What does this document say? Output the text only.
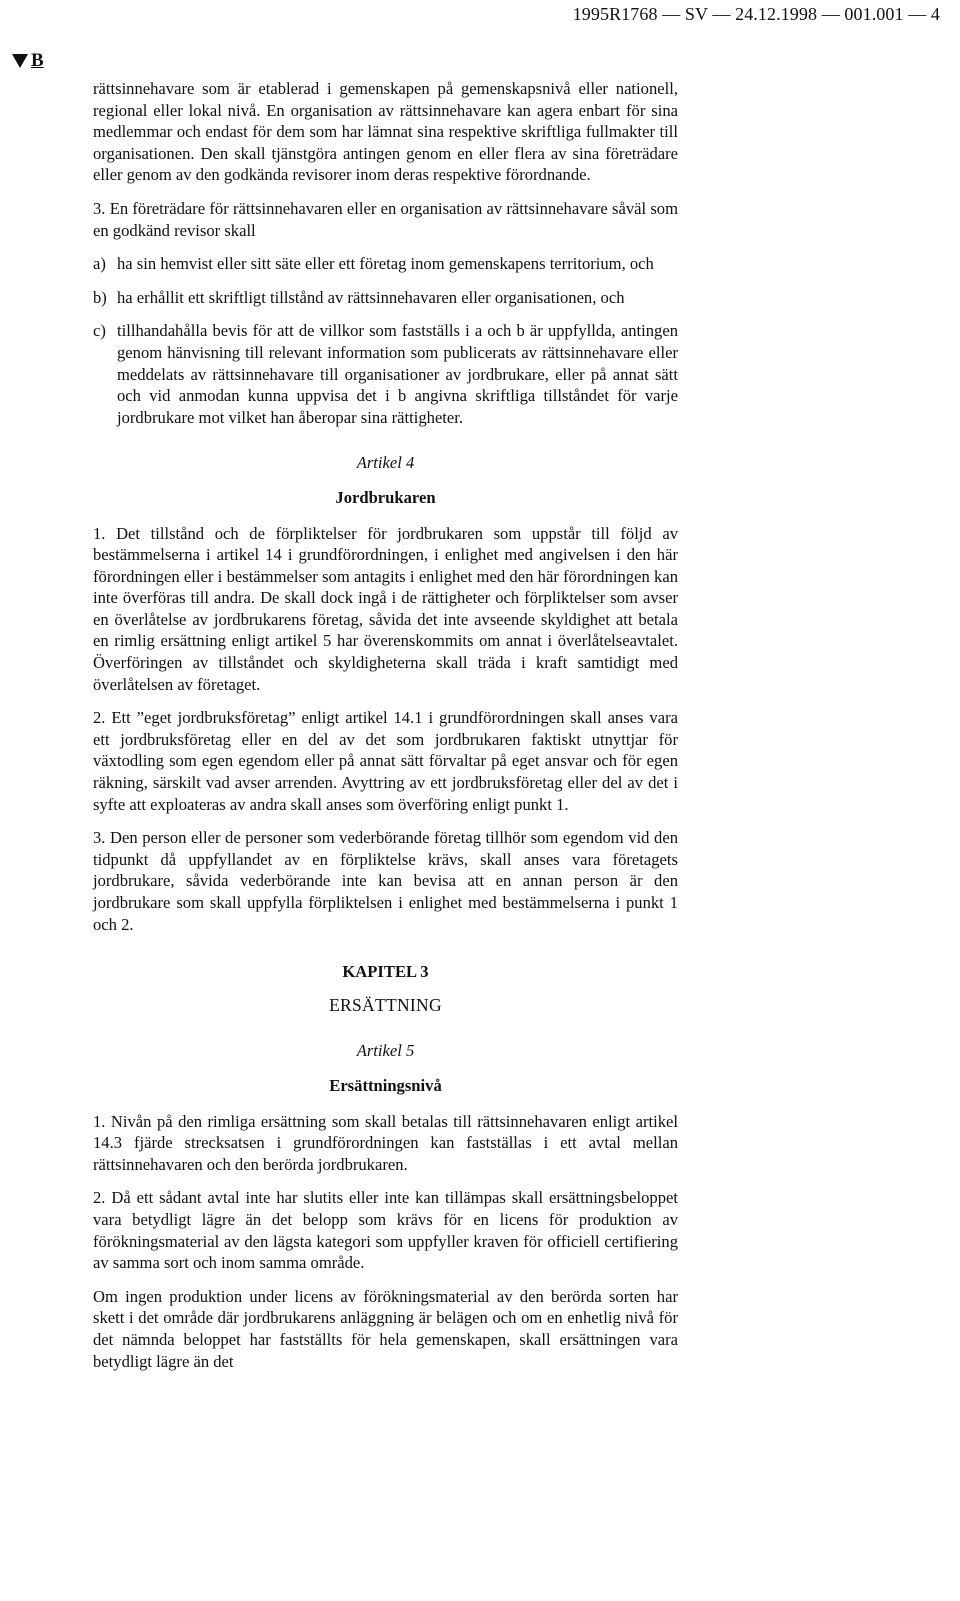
1995R1768 — SV — 24.12.1998 — 001.001 — 4
B

rättsinnehavare som är etablerad i gemenskapen på gemenskapsnivå eller nationell, regional eller lokal nivå. En organisation av rättsinnehavare kan agera enbart för sina medlemmar och endast för dem som har lämnat sina respektive skriftliga fullmakter till organisationen. Den skall tjänstgöra antingen genom en eller flera av sina företrädare eller genom av den godkända revisorer inom deras respektive förordnande.

3. En företrädare för rättsinnehavaren eller en organisation av rättsinnehavare såväl som en godkänd revisor skall

a) ha sin hemvist eller sitt säte eller ett företag inom gemenskapens territorium, och
b) ha erhållit ett skriftligt tillstånd av rättsinnehavaren eller organisationen, och
c) tillhandahålla bevis för att de villkor som fastställs i a och b är uppfyllda, antingen genom hänvisning till relevant information som publicerats av rättsinnehavare eller meddelats av rättsinnehavare till organisationer av jordbrukare, eller på annat sätt och vid anmodan kunna uppvisa det i b angivna skriftliga tillståndet för varje jordbrukare mot vilket han åberopar sina rättigheter.
Artikel 4
Jordbrukaren

1. Det tillstånd och de förpliktelser för jordbrukaren som uppstår till följd av bestämmelserna i artikel 14 i grundförordningen, i enlighet med angivelsen i den här förordningen eller i bestämmelser som antagits i enlighet med den här förordningen kan inte överföras till andra. De skall dock ingå i de rättigheter och förpliktelser som avser en överlåtelse av jordbrukarens företag, såvida det inte avseende skyldighet att betala en rimlig ersättning enligt artikel 5 har överenskommits om annat i överlåtelseavtalet. Överföringen av tillståndet och skyldigheterna skall träda i kraft samtidigt med överlåtelsen av företaget.

2. Ett ”eget jordbruksföretag” enligt artikel 14.1 i grundförordningen skall anses vara ett jordbruksföretag eller en del av det som jordbrukaren faktiskt utnyttjar för växtodling som egen egendom eller på annat sätt förvaltar på eget ansvar och för egen räkning, särskilt vad avser arrenden. Avyttring av ett jordbruksföretag eller del av det i syfte att exploateras av andra skall anses som överföring enligt punkt 1.

3. Den person eller de personer som vederbörande företag tillhör som egendom vid den tidpunkt då uppfyllandet av en förpliktelse krävs, skall anses vara företagets jordbrukare, såvida vederbörande inte kan bevisa att en annan person är den jordbrukare som skall uppfylla förpliktelsen i enlighet med bestämmelserna i punkt 1 och 2.

KAPITEL 3
ERSÄTTNING
Artikel 5
Ersättningsnivå

1. Nivån på den rimliga ersättning som skall betalas till rättsinnehavaren enligt artikel 14.3 fjärde strecksatsen i grundförordningen kan fastställas i ett avtal mellan rättsinnehavaren och den berörda jordbrukaren.

2. Då ett sådant avtal inte har slutits eller inte kan tillämpas skall ersättningsbeloppet vara betydligt lägre än det belopp som krävs för en licens för produktion av förökningsmaterial av den lägsta kategori som uppfyller kraven för officiell certifiering av samma sort och inom samma område.

Om ingen produktion under licens av förökningsmaterial av den berörda sorten har skett i det område där jordbrukarens anläggning är belägen och om en enhetlig nivå för det nämnda beloppet har fastställts för hela gemenskapen, skall ersättningen vara betydligt lägre än det
